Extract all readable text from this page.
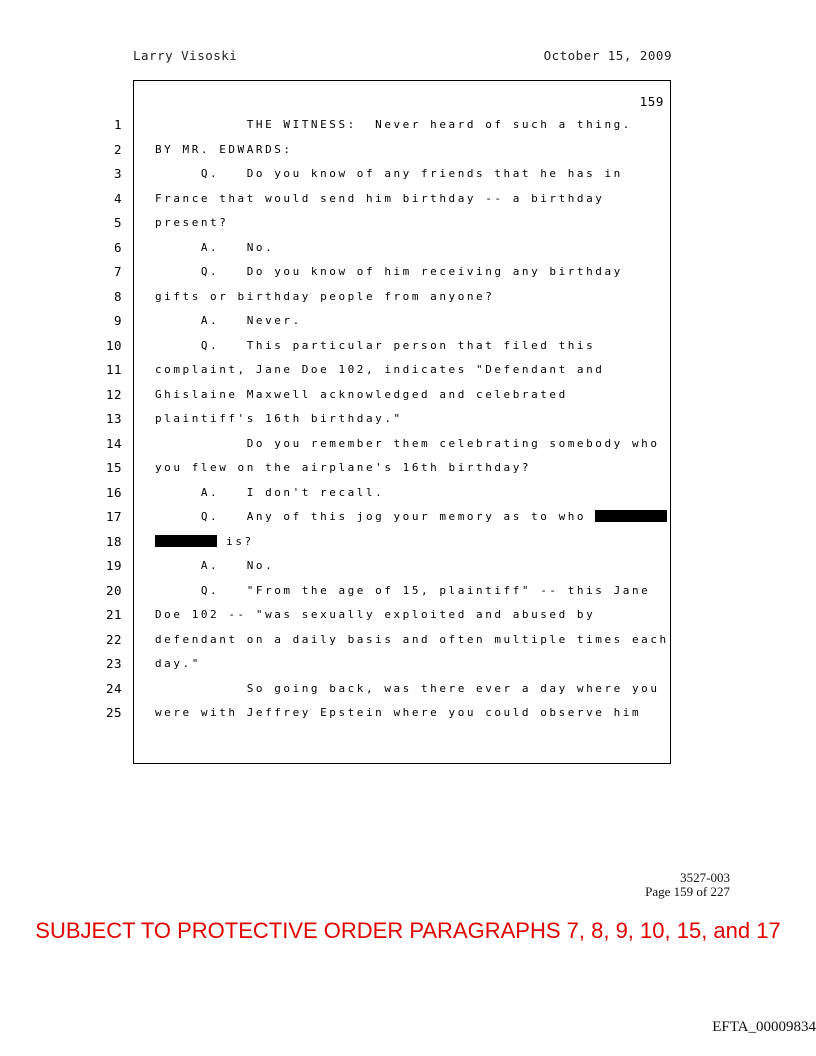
Larry Visoski	October 15, 2009
159
1	THE WITNESS:  Never heard of such a thing.
2	BY MR. EDWARDS:
3	Q.   Do you know of any friends that he has in
4	France that would send him birthday -- a birthday
5	present?
6	A.   No.
7	Q.   Do you know of him receiving any birthday
8	gifts or birthday people from anyone?
9	A.   Never.
10	Q.   This particular person that filed this
11	complaint, Jane Doe 102, indicates "Defendant and
12	Ghislaine Maxwell acknowledged and celebrated
13	plaintiff's 16th birthday."
14	Do you remember them celebrating somebody who
15	you flew on the airplane's 16th birthday?
16	A.   I don't recall.
17	Q.   Any of this jog your memory as to who
18	is?
19	A.   No.
20	Q.   "From the age of 15, plaintiff" -- this Jane
21	Doe 102 -- "was sexually exploited and abused by
22	defendant on a daily basis and often multiple times each
23	day."
24	So going back, was there ever a day where you
25	were with Jeffrey Epstein where you could observe him
3527-003
Page 159 of 227
SUBJECT TO PROTECTIVE ORDER PARAGRAPHS 7, 8, 9, 10, 15, and 17
EFTA_00009834
